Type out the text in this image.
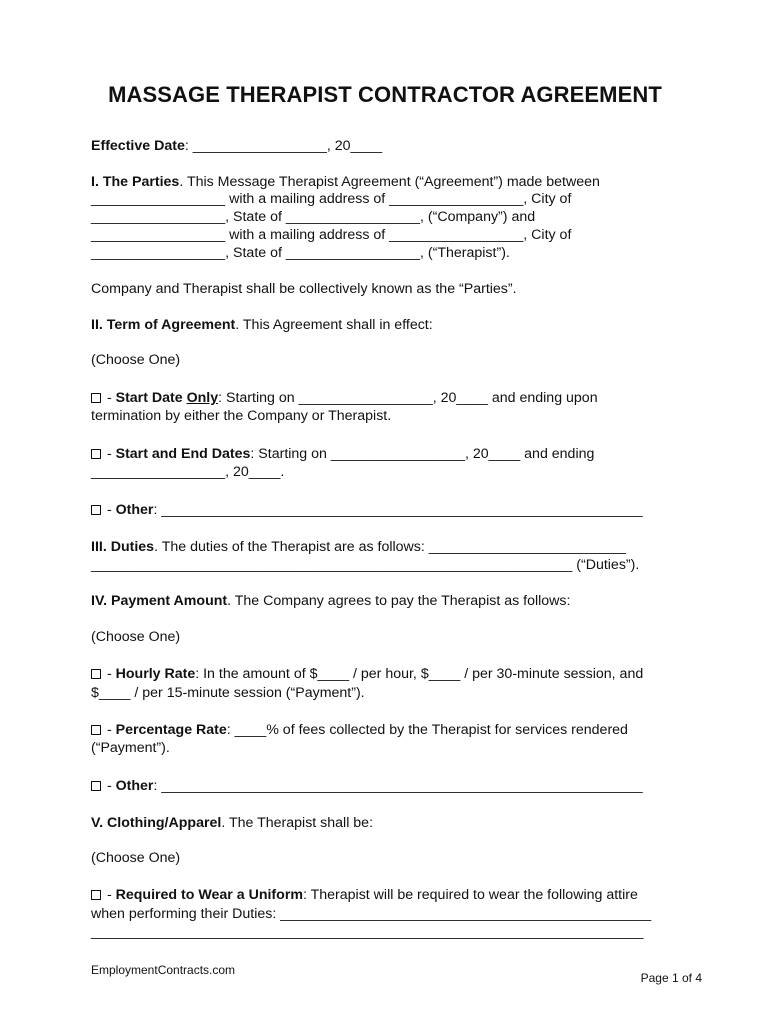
MASSAGE THERAPIST CONTRACTOR AGREEMENT
Effective Date: _________________, 20____
I. The Parties. This Message Therapist Agreement (“Agreement”) made between
_________________ with a mailing address of _________________, City of
_________________, State of _________________, (“Company”) and
_________________ with a mailing address of _________________, City of
_________________, State of _________________, (“Therapist”).
Company and Therapist shall be collectively known as the “Parties”.
II. Term of Agreement. This Agreement shall in effect:
(Choose One)
- Start Date Only: Starting on _________________, 20____ and ending upon
termination by either the Company or Therapist.
- Start and End Dates: Starting on _________________, 20____ and ending
_________________, 20____.
- Other: _____________________________________________________________
III. Duties. The duties of the Therapist are as follows: _________________________
_____________________________________________________________ (“Duties”).
IV. Payment Amount. The Company agrees to pay the Therapist as follows:
(Choose One)
- Hourly Rate: In the amount of $____ / per hour, $____ / per 30-minute session, and
$____ / per 15-minute session (“Payment”).
- Percentage Rate: ____% of fees collected by the Therapist for services rendered
(“Payment”).
- Other: _____________________________________________________________
V. Clothing/Apparel. The Therapist shall be:
(Choose One)
- Required to Wear a Uniform: Therapist will be required to wear the following attire
when performing their Duties: _______________________________________________
______________________________________________________________________
EmploymentContracts.com
Page 1 of 4
